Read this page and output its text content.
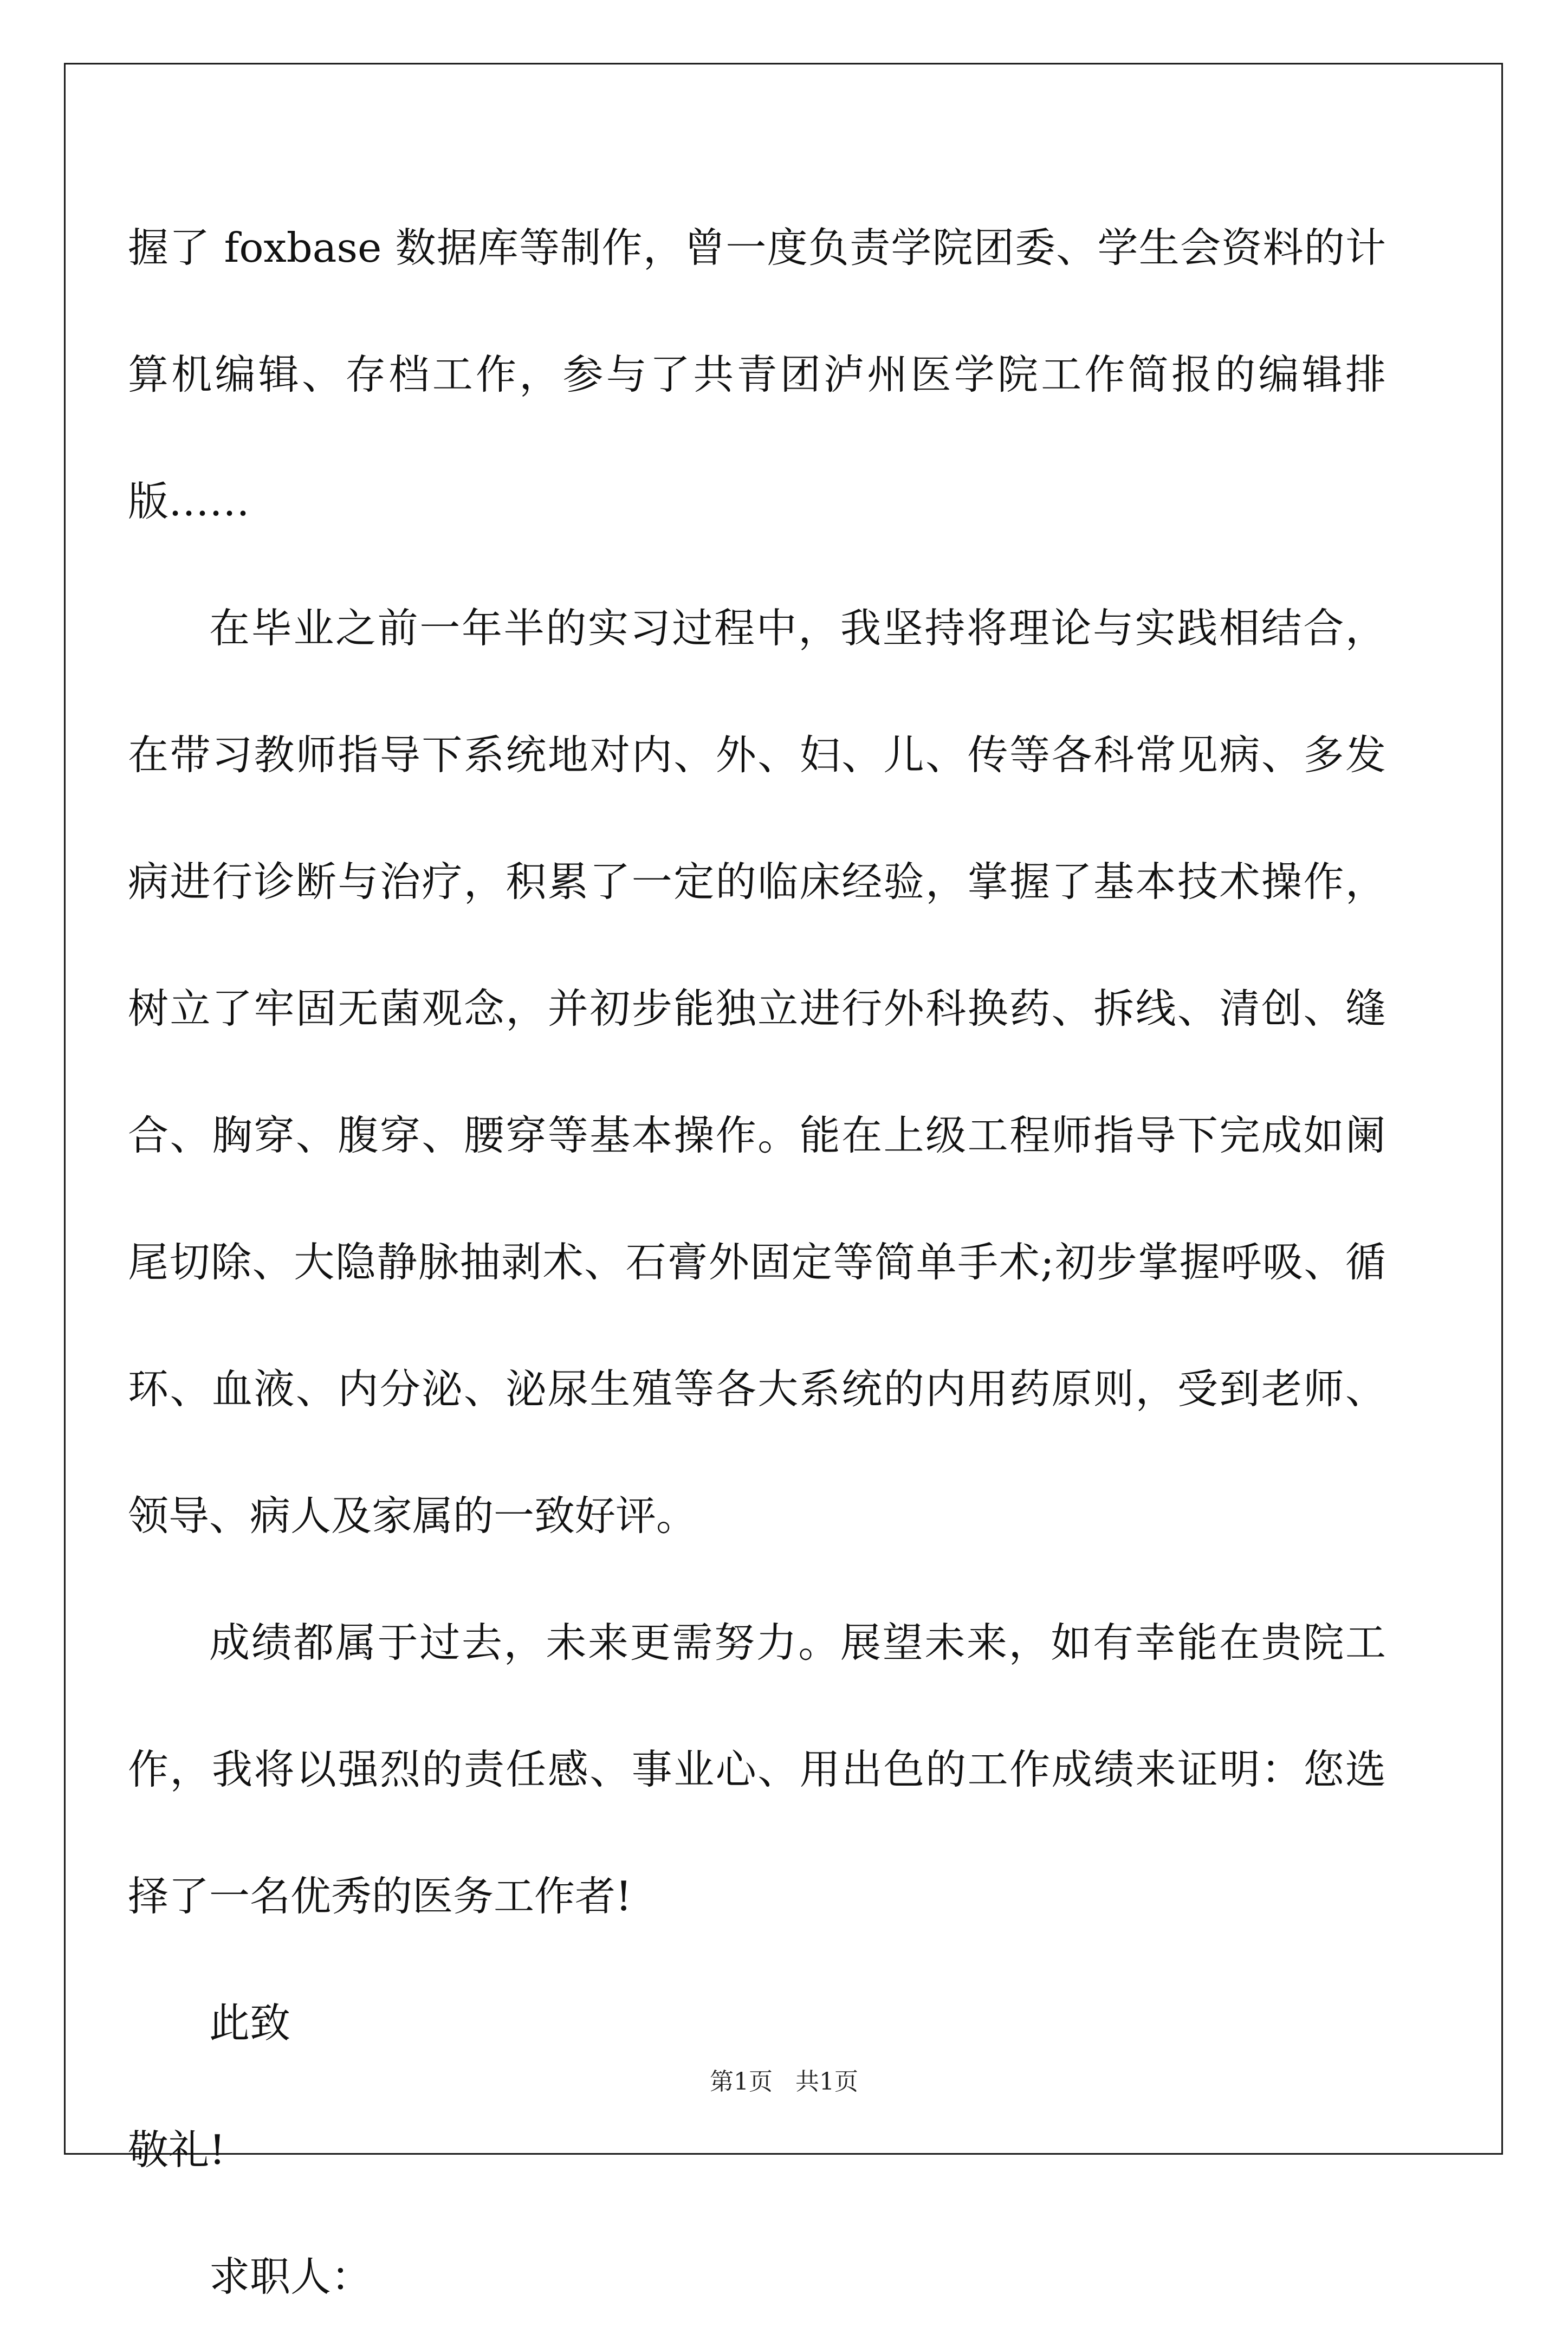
握了 foxbase 数据库等制作，曾一度负责学院团委、学生会资料的计算机编辑、存档工作，参与了共青团泸州医学院工作简报的编辑排版……

在毕业之前一年半的实习过程中，我坚持将理论与实践相结合，在带习教师指导下系统地对内、外、妇、儿、传等各科常见病、多发病进行诊断与治疗，积累了一定的临床经验，掌握了基本技术操作，树立了牢固无菌观念，并初步能独立进行外科换药、拆线、清创、缝合、胸穿、腹穿、腰穿等基本操作。能在上级工程师指导下完成如阑尾切除、大隐静脉抽剥术、石膏外固定等简单手术;初步掌握呼吸、循环、血液、内分泌、泌尿生殖等各大系统的内用药原则，受到老师、领导、病人及家属的一致好评。

成绩都属于过去，未来更需努力。展望未来，如有幸能在贵院工作，我将以强烈的责任感、事业心、用出色的工作成绩来证明：您选择了一名优秀的医务工作者!

此致

敬礼!

求职人：

第1页   共1页
